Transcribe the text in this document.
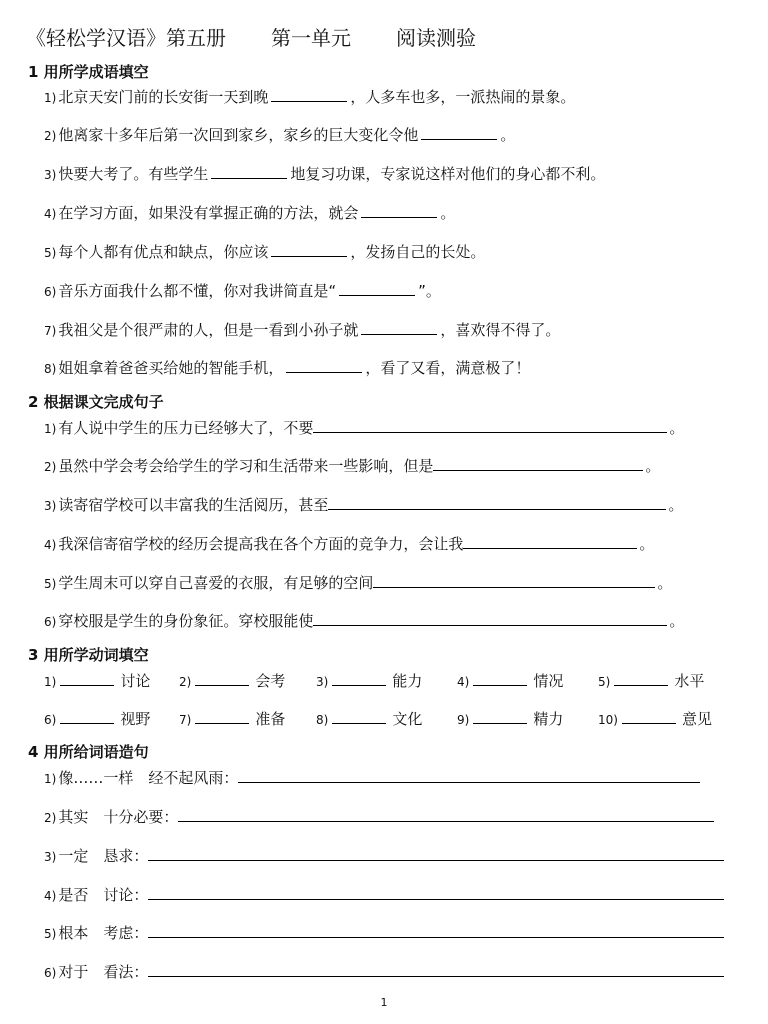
《轻松学汉语》第五册 第一单元 阅读测验
1 用所学成语填空
1) 北京天安门前的长安街一天到晚	，人多车也多，一派热闹的景象。
2) 他离家十多年后第一次回到家乡，家乡的巨大变化令他	。
3) 快要大考了。有些学生	地复习功课，专家说这样对他们的身心都不利。
4) 在学习方面，如果没有掌握正确的方法，就会	。
5) 每个人都有优点和缺点，你应该	，发扬自己的长处。
6) 音乐方面我什么都不懂，你对我讲简直是“	”。
7) 我祖父是个很严肃的人，但是一看到小孙子就	，喜欢得不得了。
8) 姐姐拿着爸爸买给她的智能手机，	，看了又看，满意极了！
2 根据课文完成句子
1) 有人说中学生的压力已经够大了，不要	。
2) 虽然中学会考会给学生的学习和生活带来一些影响，但是	。
3) 读寄宿学校可以丰富我的生活阅历，甚至	。
4) 我深信寄宿学校的经历会提高我在各个方面的竞争力，会让我	。
5) 学生周末可以穿自己喜爱的衣服，有足够的空间	。
6) 穿校服是学生的身份象征。穿校服能使	。
3 用所学动词填空
1)	讨论 2)	会考	3)	能力	4)	情况	5)	水平
6)	视野 7)	准备	8)	文化	9)	精力	10)	意见
4 用所给词语造句
1) 像……一样　经不起风雨：
2) 其实　十分必要：
3) 一定　恳求：
4) 是否　讨论：
5) 根本　考虑：
6) 对于　看法：
1
